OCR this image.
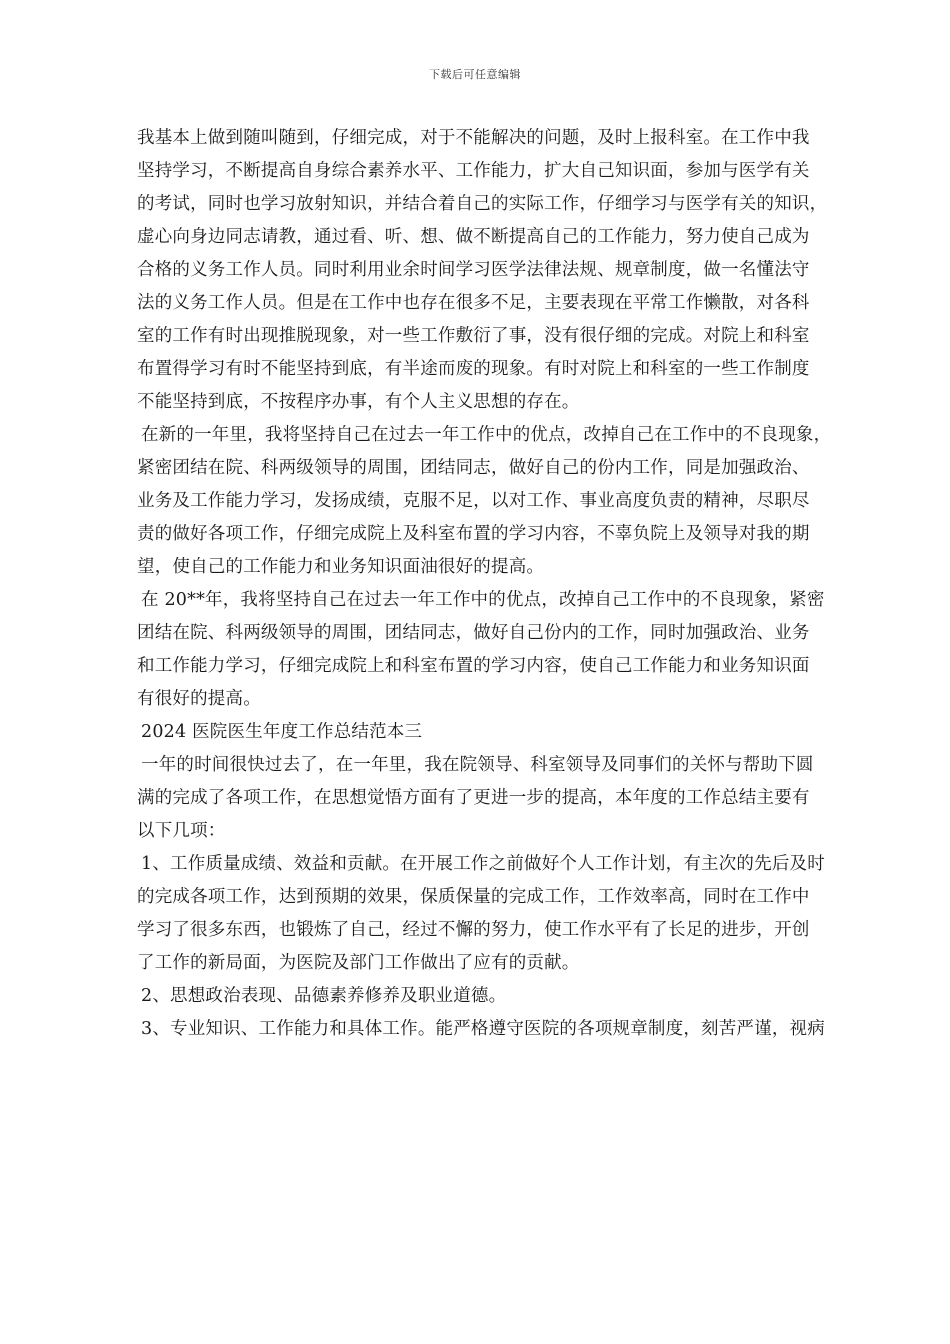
下载后可任意编辑
我基本上做到随叫随到，仔细完成，对于不能解决的问题，及时上报科室。在工作中我
坚持学习，不断提高自身综合素养水平、工作能力，扩大自己知识面，参加与医学有关
的考试，同时也学习放射知识，并结合着自己的实际工作，仔细学习与医学有关的知识，
虚心向身边同志请教，通过看、听、想、做不断提高自己的工作能力，努力使自己成为
合格的义务工作人员。同时利用业余时间学习医学法律法规、规章制度，做一名懂法守
法的义务工作人员。但是在工作中也存在很多不足，主要表现在平常工作懒散，对各科
室的工作有时出现推脱现象，对一些工作敷衍了事，没有很仔细的完成。对院上和科室
布置得学习有时不能坚持到底，有半途而废的现象。有时对院上和科室的一些工作制度
不能坚持到底，不按程序办事，有个人主义思想的存在。
在新的一年里，我将坚持自己在过去一年工作中的优点，改掉自己在工作中的不良现象，
紧密团结在院、科两级领导的周围，团结同志，做好自己的份内工作，同是加强政治、
业务及工作能力学习，发扬成绩，克服不足，以对工作、事业高度负责的精神，尽职尽
责的做好各项工作，仔细完成院上及科室布置的学习内容，不辜负院上及领导对我的期
望，使自己的工作能力和业务知识面油很好的提高。
在 20**年，我将坚持自己在过去一年工作中的优点，改掉自己工作中的不良现象，紧密
团结在院、科两级领导的周围，团结同志，做好自己份内的工作，同时加强政治、业务
和工作能力学习，仔细完成院上和科室布置的学习内容，使自己工作能力和业务知识面
有很好的提高。
2024 医院医生年度工作总结范本三
一年的时间很快过去了，在一年里，我在院领导、科室领导及同事们的关怀与帮助下圆
满的完成了各项工作，在思想觉悟方面有了更进一步的提高，本年度的工作总结主要有
以下几项：
1、工作质量成绩、效益和贡献。在开展工作之前做好个人工作计划，有主次的先后及时
的完成各项工作，达到预期的效果，保质保量的完成工作，工作效率高，同时在工作中
学习了很多东西，也锻炼了自己，经过不懈的努力，使工作水平有了长足的进步，开创
了工作的新局面，为医院及部门工作做出了应有的贡献。
2、思想政治表现、品德素养修养及职业道德。
3、专业知识、工作能力和具体工作。能严格遵守医院的各项规章制度，刻苦严谨，视病
